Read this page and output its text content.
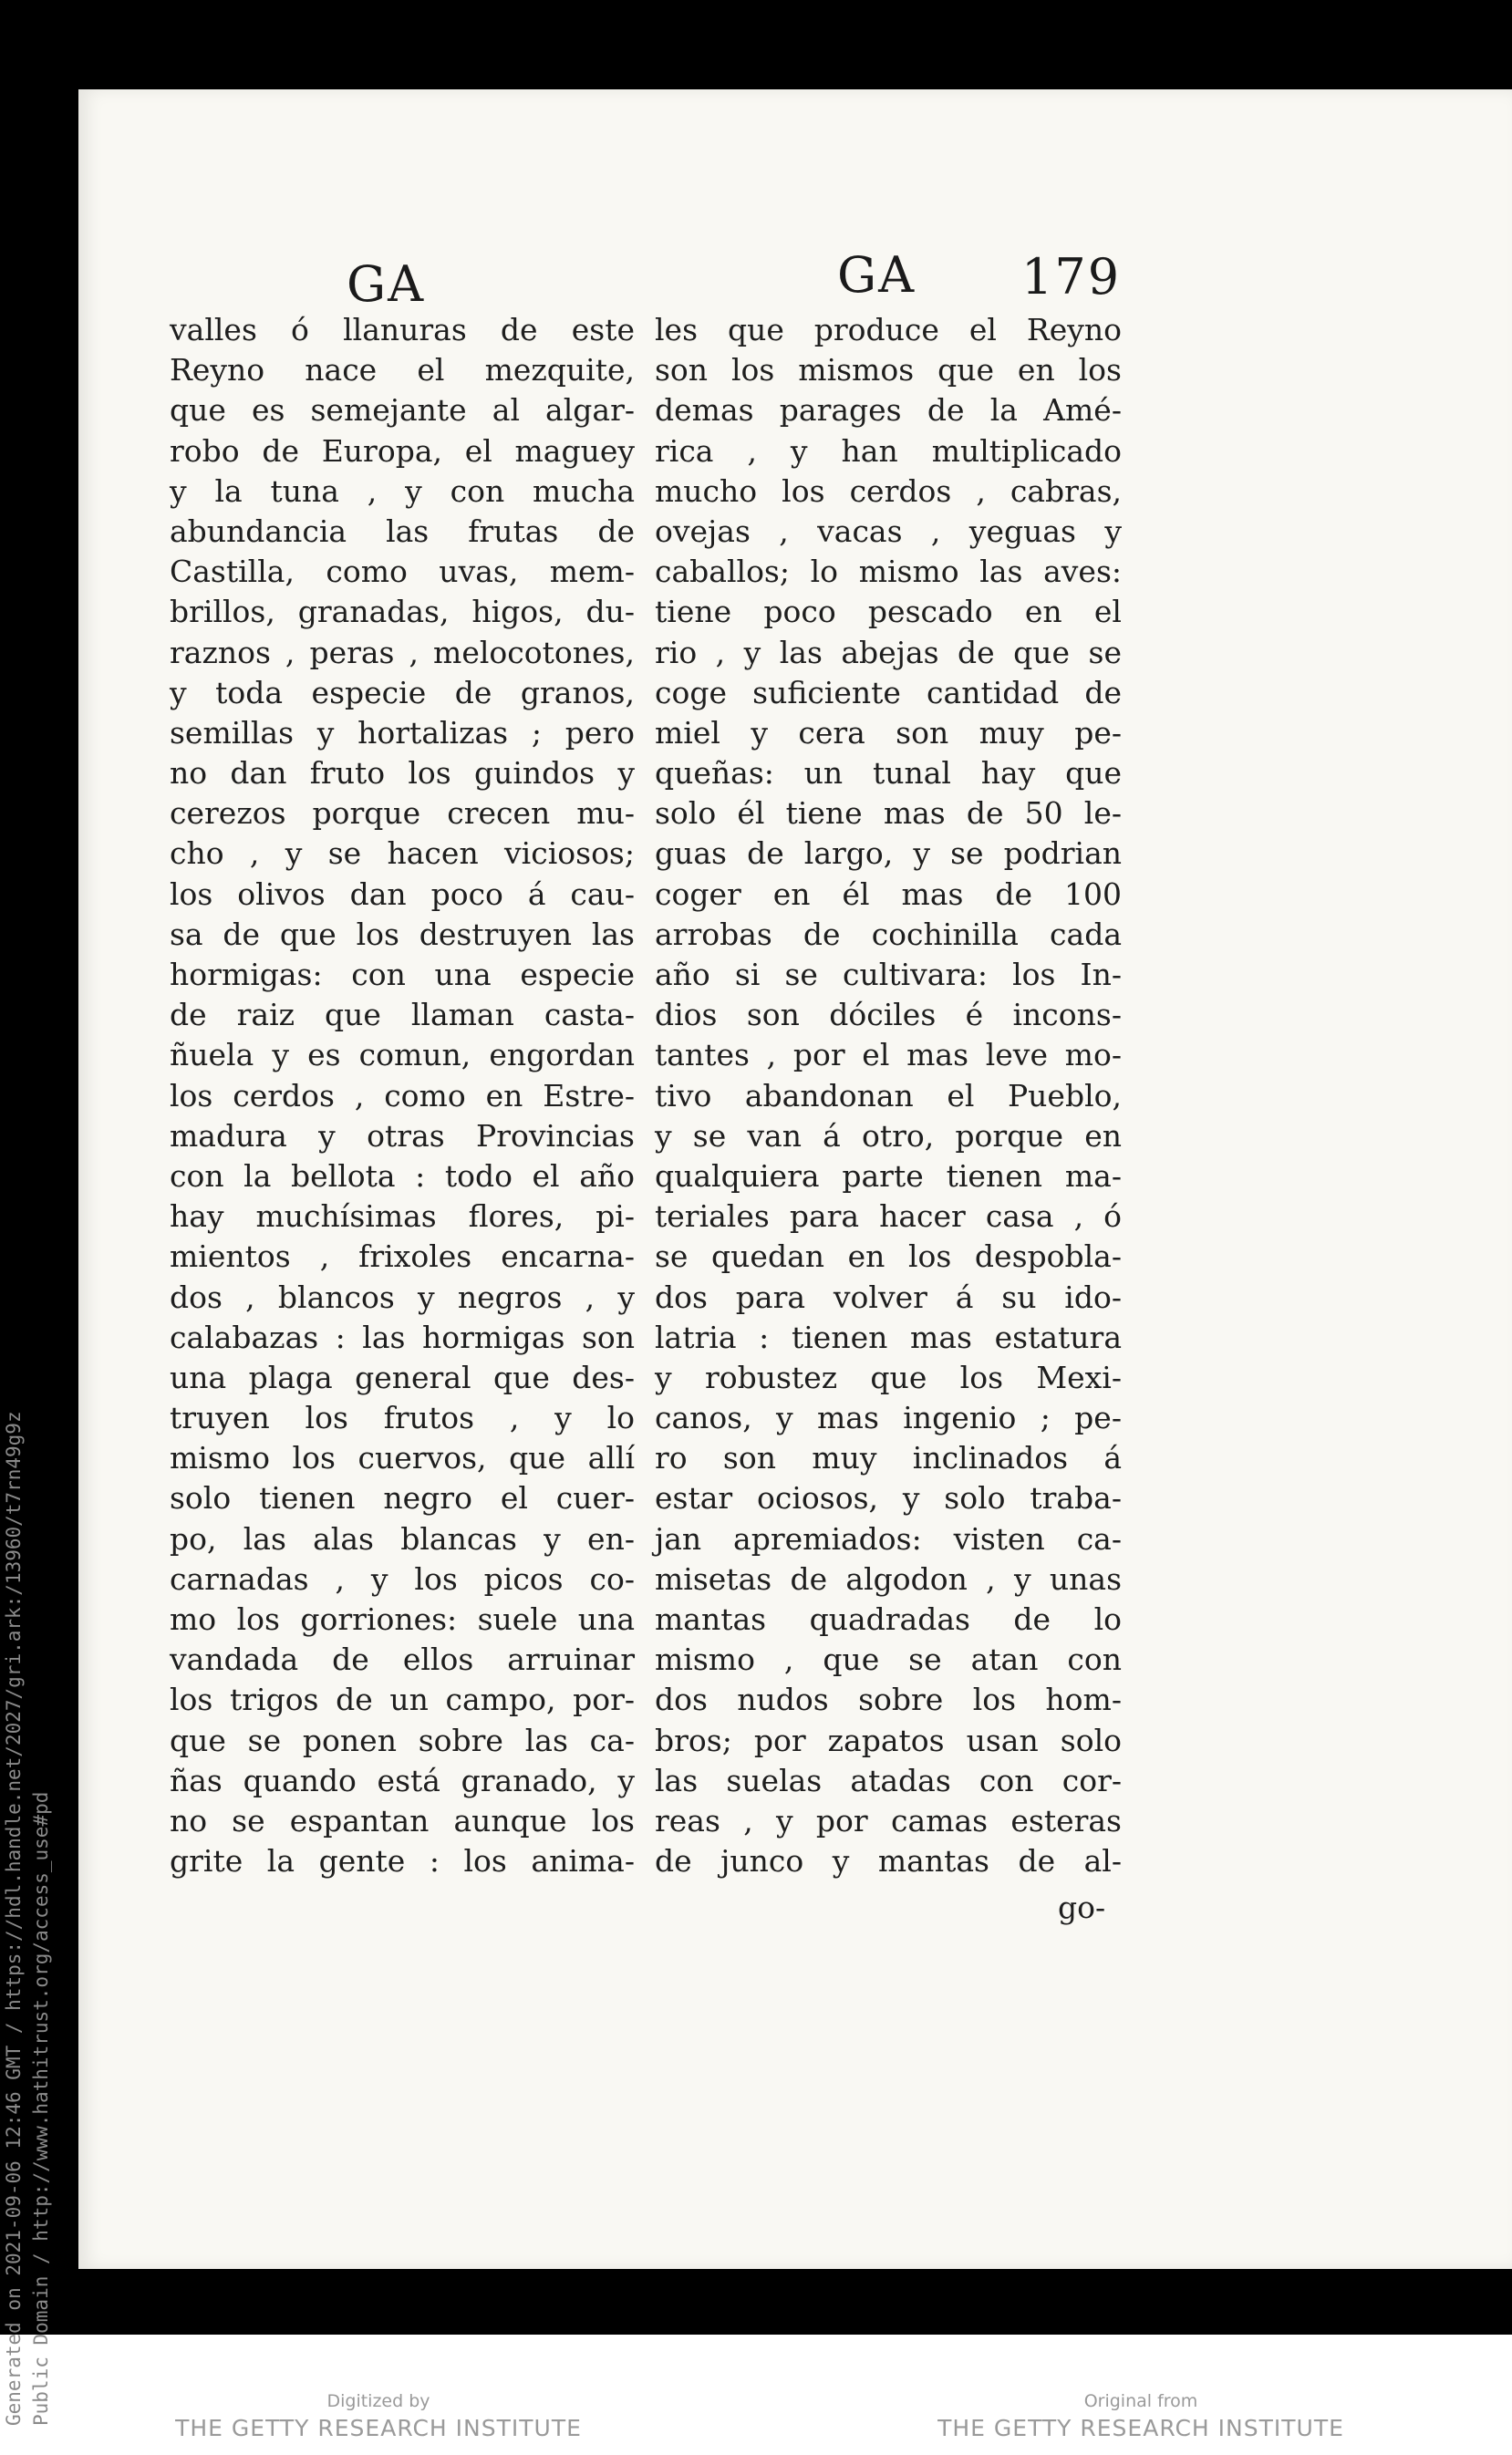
GA	GA 179
valles ó llanuras de este
Reyno nace el mezquite,
que es semejante al algar-
robo de Europa, el maguey
y la tuna , y con mucha
abundancia las frutas de
Castilla, como uvas, mem-
brillos, granadas, higos, du-
raznos , peras , melocotones,
y toda especie de granos,
semillas y hortalizas ; pero
no dan fruto los guindos y
cerezos porque crecen mu-
cho , y se hacen viciosos;
los olivos dan poco á cau-
sa de que los destruyen las
hormigas: con una especie
de raiz que llaman casta-
ñuela y es comun, engordan
los cerdos , como en Estre-
madura y otras Provincias
con la bellota : todo el año
hay muchísimas flores, pi-
mientos , frixoles encarna-
dos , blancos y negros , y
calabazas : las hormigas son
una plaga general que des-
truyen los frutos , y lo
mismo los cuervos, que allí
solo tienen negro el cuer-
po, las alas blancas y en-
carnadas , y los picos co-
mo los gorriones: suele una
vandada de ellos arruinar
los trigos de un campo, por-
que se ponen sobre las ca-
ñas quando está granado, y
no se espantan aunque los
grite la gente : los anima-
les que produce el Reyno
son los mismos que en los
demas parages de la Amé-
rica , y han multiplicado
mucho los cerdos , cabras,
ovejas , vacas , yeguas y
caballos; lo mismo las aves:
tiene poco pescado en el
rio , y las abejas de que se
coge suficiente cantidad de
miel y cera son muy pe-
queñas: un tunal hay que
solo él tiene mas de 50 le-
guas de largo, y se podrian
coger en él mas de 100
arrobas de cochinilla cada
año si se cultivara: los In-
dios son dóciles é incons-
tantes , por el mas leve mo-
tivo abandonan el Pueblo,
y se van á otro, porque en
qualquiera parte tienen ma-
teriales para hacer casa , ó
se quedan en los despobla-
dos para volver á su ido-
latria : tienen mas estatura
y robustez que los Mexi-
canos, y mas ingenio ; pe-
ro son muy inclinados á
estar ociosos, y solo traba-
jan apremiados: visten ca-
misetas de algodon , y unas
mantas quadradas de lo
mismo , que se atan con
dos nudos sobre los hom-
bros; por zapatos usan solo
las suelas atadas con cor-
reas , y por camas esteras
de junco y mantas de al-
go-
Generated on 2021-09-06 12:46 GMT / https://hdl.handle.net/2027/gri.ark:/13960/t7rn49g9z Public Domain / http://www.hathitrust.org/access_use#pd	Digitized by
THE GETTY RESEARCH INSTITUTE
Original from
THE GETTY RESEARCH INSTITUTE
